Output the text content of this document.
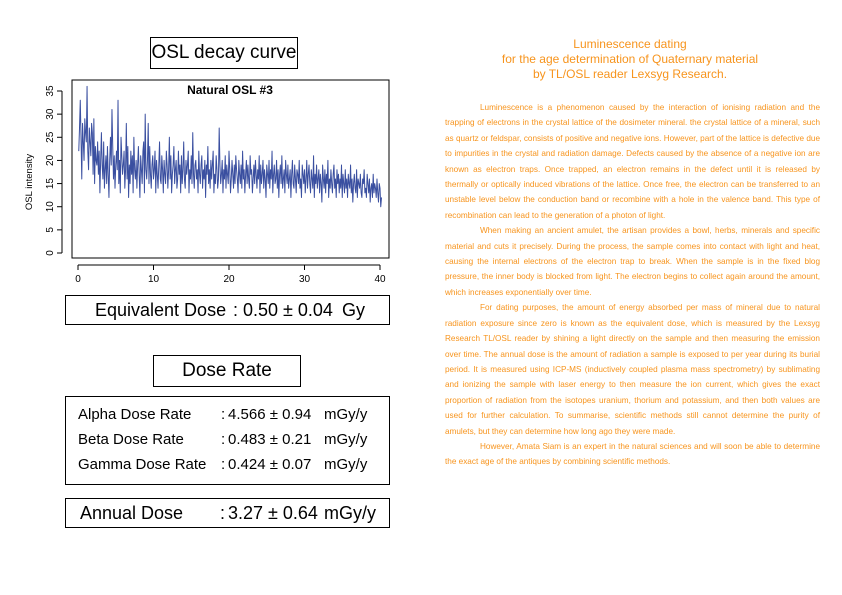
OSL decay curve
Natural OSL #3
OSL intensity
0
5
10
15
20
25
30
35
0	10	20	30	40
Equivalent Dose : 0.50 ± 0.04 Gy
Dose Rate
Alpha Dose Rate : 4.566 ± 0.94 mGy/y
Beta Dose Rate : 0.483 ± 0.21 mGy/y
Gamma Dose Rate : 0.424 ± 0.07 mGy/y
Annual Dose : 3.27 ± 0.64 mGy/y
Luminescence dating
for the age determination of Quaternary material
by TL/OSL reader Lexsyg Research.

Luminescence is a phenomenon caused by the interaction of ionising radiation and the trapping of electrons in the crystal lattice of the dosimeter mineral. the crystal lattice of a mineral, such as quartz or feldspar, consists of positive and negative ions. However, part of the lattice is defective due to impurities in the crystal and radiation damage. Defects caused by the absence of a negative ion are known as electron traps. Once trapped, an electron remains in the defect until it is released by thermally or optically induced vibrations of the lattice. Once free, the electron can be transferred to an unstable level below the conduction band or recombine with a hole in the valence band. This type of recombination can lead to the generation of a photon of light.

When making an ancient amulet, the artisan provides a bowl, herbs, minerals and specific material and cuts it precisely. During the process, the sample comes into contact with light and heat, causing the internal electrons of the electron trap to break. When the sample is in the fixed blog pressure, the inner body is blocked from light. The electron begins to collect again around the amount, which increases exponentially over time.

For dating purposes, the amount of energy absorbed per mass of mineral due to natural radiation exposure since zero is known as the equivalent dose, which is measured by the Lexsyg Research TL/OSL reader by shining a light directly on the sample and then measuring the emission over time. The annual dose is the amount of radiation a sample is exposed to per year during its burial period. It is measured using ICP-MS (inductively coupled plasma mass spectrometry) by sublimating and ionizing the sample with laser energy to then measure the ion current, which gives the exact proportion of radiation from the isotopes uranium, thorium and potassium, and then both values are used for further calculation. To summarise, scientific methods still cannot determine the purity of amulets, but they can determine how long ago they were made.

However, Amata Siam is an expert in the natural sciences and will soon be able to determine the exact age of the antiques by combining scientific methods.
